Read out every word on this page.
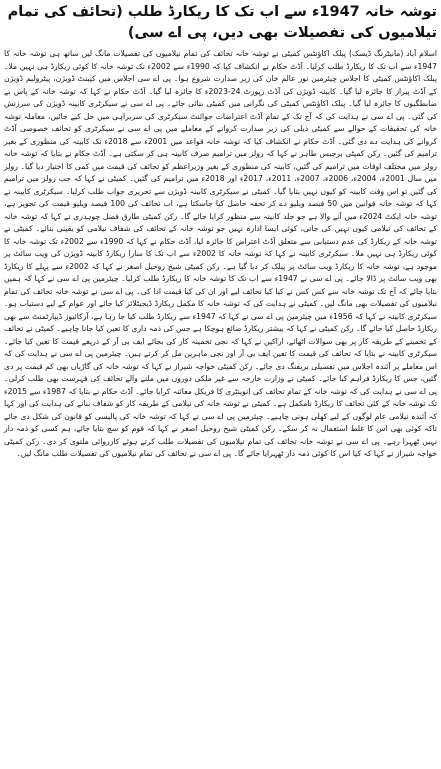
توشہ خانہ 1947ء سے اب تک کا ریکارڈ طلب (تحائف کی تمام تیلامیوں کی تفصیلات بھی دیں، پی اے سی)

اسلام آباد (مانیٹرنگ ڈیسک) پبلک اکاؤنٹس کمیٹی نے توشہ خانہ تحائف کی تمام نیلامیوں کی تفصیلات مانگ لیں ساتھ ہی توشہ خانہ کا 1947ء سے اب تک کا ریکارڈ طلب کرلیا۔ آڈٹ حکام نے انکشاف کیا کہ 1990ء سے 2002ء تک توشہ خانہ کا کوئی ریکارڈ ہی نہیں ملا۔ پبلک اکاؤنٹس کمیٹی کا اجلاس چیئرمین نور عالم خان کی زیر صدارت شروع ہوا۔ پی اے سی اجلاس میں کیبنٹ ڈویژن، پیٹرولیم ڈویژن کے آڈٹ پیراز کا جائزہ لیا گیا۔ کابینہ ڈویژن کی آڈٹ رپورٹ 24-2023ء کا جائزہ لیا گیا۔ آڈٹ حکام نے کہا کہ توشہ خانہ کے پاس بے ضابطگیوں کا جائزہ لیا گیا۔ پبلک اکاؤنٹس کمیٹی کی نگرانی میں کمیٹی بنائی جائے۔ پی اے سی نے سیکرٹری کابینہ ڈویژن کی سرزنش کی گئی۔ پی اے سی نے ہدایت کی کہ آج تک کے تمام آڈٹ اعتراضات جوائنٹ سیکرٹری کی سربراہی میں حل کیے جائیں، معاملہ توشہ خانہ کی تحقیقات کے حوالے سے کمیٹی ذیلی کی زیر صدارت کروانے کے معاملے میں پی اے سی نے سیکرٹری کو تحائف خصوصی آڈٹ کروانے کی ہدایت دے دی گئی۔ آڈٹ حکام نے انکشاف کیا کہ توشہ خانہ قواعد میں 2001ء سے 2018ء تک کابینہ کی منظوری کے بغیر ترامیم کی گئیں۔ رکن کمیٹی برجیس طاہر نے کہا کہ رولز میں ترامیم صرف کابینہ ہی کر سکتی ہے۔ آڈٹ حکام نے بتایا کہ توشہ خانہ رولز میں مختلف اوقات میں ترامیم کی گئیں، کابینہ کی منظوری کے بغیر وزیراعظم کو تحائف کی قیمت میں کمی کا اختیار دیا گیا۔ رولز میں سال 2001ء، 2004ء، 2006ء، 2007ء، 2011ء، 2017ء اور 2018ء میں ترامیم کی گئیں۔ کمیٹی نے کہا کہ جب رولز میں ترامیم کی گئیں تو اس وقت کابینہ کو کیوں نہیں بتایا گیا۔ کمیٹی نے سیکرٹری کابینہ ڈویژن سے تحریری جواب طلب کرلیا۔ سیکرٹری کابینہ نے کہا کہ توشہ خانہ قوانین میں 50 فیصد ویلیو دے کر تحفہ حاصل کیا جاسکتا ہے، اب تحائف کی 100 فیصد ویلیو قیمت کی تجویز ہے، توشہ خانہ ایکٹ 2024ء میں آنے والا ہے جو جلد کابینہ سے منظور کرایا جائے گا۔ رکن کمیٹی طارق فضل چوہدری نے کہا کہ توشہ خانہ کے تحائف کی نیلامی کیوں نہیں کی جاتی، کوئی ایسا ادارہ نہیں جو توشہ خانہ کے تحائف کی شفاف نیلامی کو یقینی بنائے۔ کمیٹی نے توشہ خانہ کے ریکارڈ کی عدم دستیابی سے متعلق آڈٹ اعتراض کا جائزہ لیا، آڈٹ حکام نے کہا کہ 1990ء سے 2002ء تک توشہ خانہ کا کوئی ریکارڈ ہی نہیں ملا۔ سیکرٹری کابینہ نے کہا کہ توشہ خانہ کا 2002ء سے اب تک کا سارا ریکارڈ کابینہ ڈویژن کی ویب سائٹ پر موجود ہے، توشہ خانہ کا ریکارڈ ویب سائٹ پر پبلک کر دیا گیا ہے۔ رکن کمیٹی شیخ روحیل اصغر نے کہا کہ 2002ء سے پہلے کا ریکارڈ بھی ویب سائٹ پر ڈالا جائے۔ پی اے سی نے 1947ء سے اب تک کا توشہ خانہ کا ریکارڈ طلب کرلیا۔ چیئرمین پی اے سی نے کہا کہ ہمیں بتایا جائے کہ آج تک توشہ خانہ سے کس کس نے کیا کیا تحائف لیے اور ان کی کیا قیمت ادا کی۔ پی اے سی نے توشہ خانہ تحائف کی تمام نیلامیوں کی تفصیلات بھی مانگ لیں۔ کمیٹی نے ہدایت کی کہ توشہ خانہ کا مکمل ریکارڈ ڈیجیٹلائز کیا جائے اور عوام کے لیے دستیاب ہو۔ سیکرٹری کابینہ نے کہا کہ 1956ء میں چیئرمین پی اے سی نے کہا کہ 1947ء سے ریکارڈ طلب کیا جا رہا ہے، آرکائیوز ڈیپارٹمنٹ سے بھی ریکارڈ حاصل کیا جائے گا۔ رکن کمیٹی نے کہا کہ بیشتر ریکارڈ ضائع ہوچکا ہے جس کی ذمہ داری کا تعین کیا جانا چاہیے۔ کمیٹی نے تحائف کے تخمینے کے طریقہ کار پر بھی سوالات اٹھائے، اراکین نے کہا کہ نجی تخمینہ کار کی بجائے ایف بی آر کے ذریعے قیمت کا تعین کیا جائے۔ سیکرٹری کابینہ نے بتایا کہ تحائف کی قیمت کا تعین ایف بی آر اور نجی ماہرین مل کر کرتے ہیں۔ چیئرمین پی اے سی نے ہدایت کی کہ اس معاملے پر آئندہ اجلاس میں تفصیلی بریفنگ دی جائے۔ رکن کمیٹی خواجہ شیراز نے کہا کہ توشہ خانہ کی گاڑیاں بھی کم قیمت پر دی گئیں، جس کا ریکارڈ فراہم کیا جائے۔ کمیٹی نے وزارت خارجہ سے غیر ملکی دوروں میں ملنے والے تحائف کی فہرست بھی طلب کرلی۔ پی اے سی نے ہدایت کی کہ توشہ خانہ کے تمام تحائف کی انوینٹری کا فزیکل معائنہ کرایا جائے۔ آڈٹ حکام نے بتایا کہ 1987ء سے 2015ء تک توشہ خانہ کے کئی تحائف کا ریکارڈ نامکمل ہے۔ کمیٹی نے توشہ خانہ کی نیلامی کے طریقہ کار کو شفاف بنانے کی ہدایت کی اور کہا کہ آئندہ نیلامی عام لوگوں کے لیے کھلی ہونی چاہیے۔ چیئرمین پی اے سی نے کہا کہ توشہ خانہ کی پالیسی کو قانون کی شکل دی جائے تاکہ کوئی بھی اس کا غلط استعمال نہ کر سکے۔ رکن کمیٹی شیخ روحیل اصغر نے کہا کہ قوم کو سچ بتایا جائے، ہم کسی کو ذمہ دار نہیں ٹھہرا رہے۔ پی اے سی نے توشہ خانہ تحائف کی تمام نیلامیوں کی تفصیلات طلب کرتے ہوئے کارروائی ملتوی کر دی۔ رکن کمیٹی خواجہ شیراز نے کہا کہ کیا اس کا کوئی ذمہ دار ٹھہرایا جائے گا۔ پی اے سی نے تحائف کی تمام نیلامیوں کی تفصیلات طلب مانگ لیں۔
